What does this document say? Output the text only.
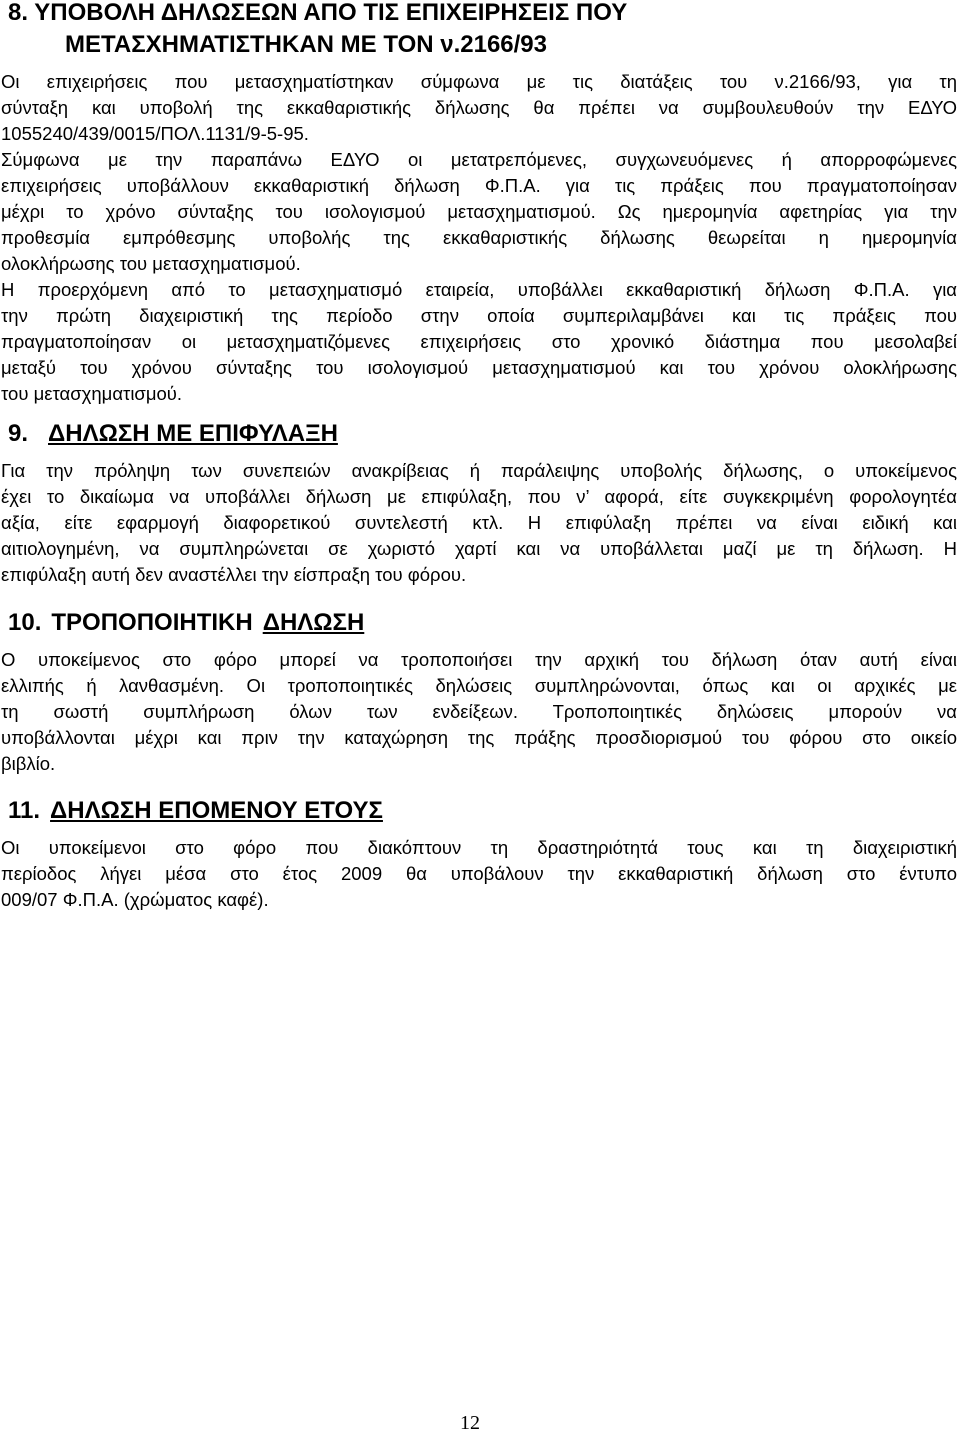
8. ΥΠΟΒΟΛΗ ΔΗΛΩΣΕΩΝ ΑΠΟ ΤΙΣ ΕΠΙΧΕΙΡΗΣΕΙΣ ΠΟΥ
ΜΕΤΑΣΧΗΜΑΤΙΣΤΗΚΑΝ ΜΕ ΤΟΝ ν.2166/93
Οι επιχειρήσεις που μετασχηματίστηκαν σύμφωνα με τις διατάξεις του ν.2166/93, για τη
σύνταξη και υποβολή της εκκαθαριστικής δήλωσης θα πρέπει να συμβουλευθούν την ΕΔΥΟ
1055240/439/0015/ΠΟΛ.1131/9-5-95.
Σύμφωνα με την παραπάνω ΕΔΥΟ οι μετατρεπόμενες, συγχωνευόμενες ή απορροφώμενες
επιχειρήσεις υποβάλλουν εκκαθαριστική δήλωση Φ.Π.Α. για τις πράξεις που πραγματοποίησαν
μέχρι το χρόνο σύνταξης του ισολογισμού μετασχηματισμού. Ως ημερομηνία αφετηρίας για την
προθεσμία εμπρόθεσμης υποβολής της εκκαθαριστικής δήλωσης θεωρείται η ημερομηνία
ολοκλήρωσης του μετασχηματισμού.
Η προερχόμενη από το μετασχηματισμό εταιρεία, υποβάλλει εκκαθαριστική δήλωση Φ.Π.Α. για
την πρώτη διαχειριστική της περίοδο στην οποία συμπεριλαμβάνει και τις πράξεις που
πραγματοποίησαν οι μετασχηματιζόμενες επιχειρήσεις στο χρονικό διάστημα που μεσολαβεί
μεταξύ του χρόνου σύνταξης του ισολογισμού μετασχηματισμού και του χρόνου ολοκλήρωσης
του μετασχηματισμού.
9. ΔΗΛΩΣΗ ΜΕ ΕΠΙΦΥΛΑΞΗ
Για την πρόληψη των συνεπειών ανακρίβειας ή παράλειψης υποβολής δήλωσης, ο υποκείμενος
έχει το δικαίωμα να υποβάλλει δήλωση με επιφύλαξη, που ν’ αφορά, είτε συγκεκριμένη φορολογητέα
αξία, είτε εφαρμογή διαφορετικού συντελεστή κτλ. Η επιφύλαξη πρέπει να είναι ειδική και
αιτιολογημένη, να συμπληρώνεται σε χωριστό χαρτί και να υποβάλλεται μαζί με τη δήλωση. Η
επιφύλαξη αυτή δεν αναστέλλει την είσπραξη του φόρου.
10. ΤΡΟΠΟΠΟΙΗΤΙΚΗ ΔΗΛΩΣΗ
Ο υποκείμενος στο φόρο μπορεί να τροποποιήσει την αρχική του δήλωση όταν αυτή είναι
ελλιπής ή λανθασμένη. Οι τροποποιητικές δηλώσεις συμπληρώνονται, όπως και οι αρχικές με
τη σωστή συμπλήρωση όλων των ενδείξεων. Τροποποιητικές δηλώσεις μπορούν να
υποβάλλονται μέχρι και πριν την καταχώρηση της πράξης προσδιορισμού του φόρου στο οικείο
βιβλίο.
11. ΔΗΛΩΣΗ ΕΠΟΜΕΝΟΥ ΕΤΟΥΣ
Οι υποκείμενοι στο φόρο που διακόπτουν τη δραστηριότητά τους και τη διαχειριστική
περίοδος λήγει μέσα στο έτος 2009 θα υποβάλουν την εκκαθαριστική δήλωση στο έντυπο
009/07 Φ.Π.Α. (χρώματος καφέ).
12
